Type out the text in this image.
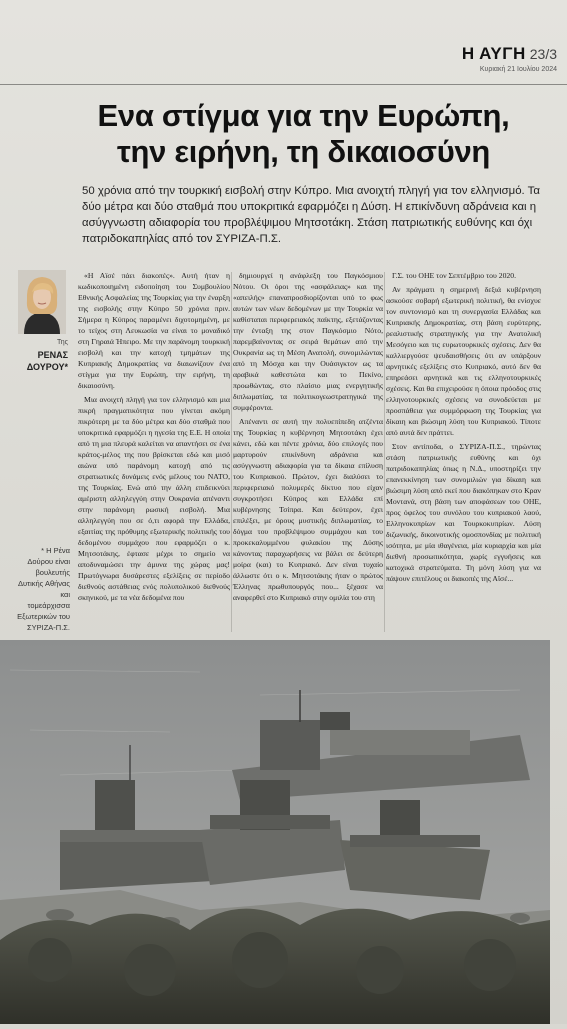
Η ΑΥΓΗ 23/3
Κυριακή 21 Ιουλίου 2024
Ενα στίγμα για την Ευρώπη,
την ειρήνη, τη δικαιοσύνη
50 χρόνια από την τουρκική εισβολή στην Κύπρο. Μια ανοιχτή πληγή για τον ελληνισμό. Τα δύο μέτρα και δύο σταθμά που υποκριτικά εφαρμόζει η Δύση. Η επικίνδυνη αδράνεια και η ασύγγνωστη αδιαφορία του προβλέψιμου Μητσοτάκη. Στάση πατριωτικής ευθύνης και όχι πατριδοκαπηλίας από τον ΣΥΡΙΖΑ-Π.Σ.
Της
ΡΕΝΑΣ ΔΟΥΡΟΥ*
* Η Ρένα Δούρου είναι βουλευτής Δυτικής Αθήνας και τομεάρχισσα Εξωτερικών του ΣΥΡΙΖΑ-Π.Σ.

«Η Αϊσέ πάει διακοπές». Αυτή ήταν η κωδικοποιημένη ειδοποίηση του Συμβουλίου Εθνικής Ασφαλείας της Τουρκίας για την έναρξη της εισβολής στην Κύπρο 50 χρόνια πριν. Σήμερα η Κύπρος παραμένει διχοτομημένη, με το τείχος στη Λευκωσία να είναι το μοναδικό στη Γηραιά Ήπειρο. Με την παράνομη τουρκική εισβολή και την κατοχή τμημάτων της Κυπριακής Δημοκρατίας να διαιωνίζουν ένα στίγμα για την Ευρώπη, την ειρήνη, τη δικαιοσύνη.

Μια ανοιχτή πληγή για τον ελληνισμό και μια πικρή πραγματικότητα που γίνεται ακόμη πικρότερη με τα δύο μέτρα και δύο σταθμά που υποκριτικά εφαρμόζει η ηγεσία της Ε.Ε. Η οποία από τη μια πλευρά καλείται να απαντήσει σε ένα κράτος-μέλος της που βρίσκεται εδώ και μισό αιώνα υπό παράνομη κατοχή από τις στρατιωτικές δυνάμεις ενός μέλους του ΝΑΤΟ, της Τουρκίας. Ενώ από την άλλη επιδεικνύει αμέριστη αλληλεγγύη στην Ουκρανία απέναντι στην παράνομη ρωσική εισβολή. Μια αλληλεγγύη που σε ό,τι αφορά την Ελλάδα, εξαιτίας της πρόθυμης εξωτερικής πολιτικής του δεδομένου συμμάχου που εφαρμόζει ο κ. Μητσοτάκης, έφτασε μέχρι το σημείο να αποδυναμώσει την άμυνα της χώρας μας! Πρωτόγνωρα δυσάρεστες εξελίξεις σε περίοδο διεθνούς αστάθειας ενός πολυπολικού διεθνούς σκηνικού, με τα νέα δεδομένα που

δημιουργεί η ανάφλεξη του Παγκόσμιου Νότου. Οι όροι της «ασφάλειας» και της «απειλής» επαναπροσδιορίζονται υπό το φως αυτών των νέων δεδομένων με την Τουρκία να καθίσταται περιφερειακός παίκτης, εξετάζοντας την ένταξη της στον Παγκόσμιο Νότο, παρεμβαίνοντας σε σειρά θεμάτων από την Ουκρανία ως τη Μέση Ανατολή, συνομιλώντας από τη Μόσχα και την Ουάσιγκτον ως τα αραβικά καθεστώτα και το Πεκίνο, προωθώντας, στο πλαίσιο μιας ενεργητικής διπλωματίας, τα πολιτικογεωστρατηγικά της συμφέροντα.

Απέναντι σε αυτή την πολυεπίπεδη ατζέντα της Τουρκίας η κυβέρνηση Μητσοτάκη έχει κάνει, εδώ και πέντε χρόνια, δύο επιλογές που μαρτυρούν επικίνδυνη αδράνεια και ασύγγνωστη αδιαφορία για τα δίκαια επίλυση του Κυπριακού. Πρώτον, έχει διαλύσει το περιφερειακό πολυμερές δίκτυο που είχαν συγκροτήσει Κύπρος και Ελλάδα επί κυβέρνησης Τσίπρα. Και δεύτερον, έχει επιλέξει, με όρους μυστικής διπλωματίας, το δόγμα του προβλέψιμου συμμάχου και του προκεκαλυμμένου φυλακίου της Δύσης κάνοντας παραχωρήσεις να βάλει σε δεύτερη μοίρα (και) το Κυπριακό. Δεν είναι τυχαίο άλλωστε ότι ο κ. Μητσοτάκης ήταν ο πρώτος Έλληνας πρωθυπουργός που... ξέχασε να αναφερθεί στο Κυπριακό στην ομιλία του στη

Γ.Σ. του ΟΗΕ τον Σεπτέμβριο του 2020.

Αν πράγματι η σημερινή δεξιά κυβέρνηση ασκούσε σοβαρή εξωτερική πολιτική, θα ενίσχυε τον συντονισμό και τη συνεργασία Ελλάδας και Κυπριακής Δημοκρατίας, στη βάση ευρύτερης, ρεαλιστικής στρατηγικής για την Ανατολική Μεσόγειο και τις ευρωτουρκικές σχέσεις. Δεν θα καλλιεργούσε ψευδαισθήσεις ότι αν υπάρξουν αρνητικές εξελίξεις στο Κυπριακό, αυτό δεν θα επηρεάσει αρνητικά και τις ελληνοτουρκικές σχέσεις. Και θα επιχειρούσε η όποια πρόοδος στις ελληνοτουρκικές σχέσεις να συνοδεύεται με προσπάθεια για συμμόρφωση της Τουρκίας για δίκαιη και βιώσιμη λύση του Κυπριακού. Τίποτε από αυτά δεν πράττει.

Στον αντίποδα, ο ΣΥΡΙΖΑ-Π.Σ., τηρώντας στάση πατριωτικής ευθύνης και όχι πατριδοκαπηλίας όπως η Ν.Δ., υποστηρίζει την επανεκκίνηση των συνομιλιών για δίκαιη και βιώσιμη λύση από εκεί που διακόπηκαν στο Κραν Μοντανά, στη βάση των αποφάσεων του ΟΗΕ, προς όφελος του συνόλου του κυπριακού λαού, Ελληνοκυπρίων και Τουρκοκυπρίων. Λύση διζωνικής, δικοινοτικής ομοσπονδίας με πολιτική ισότητα, με μία ιθαγένεια, μία κυριαρχία και μία διεθνή προσωπικότητα, χωρίς εγγυήσεις και κατοχικά στρατεύματα. Τη μόνη λύση για να πάψουν επιτέλους οι διακοπές της Αϊσέ...
